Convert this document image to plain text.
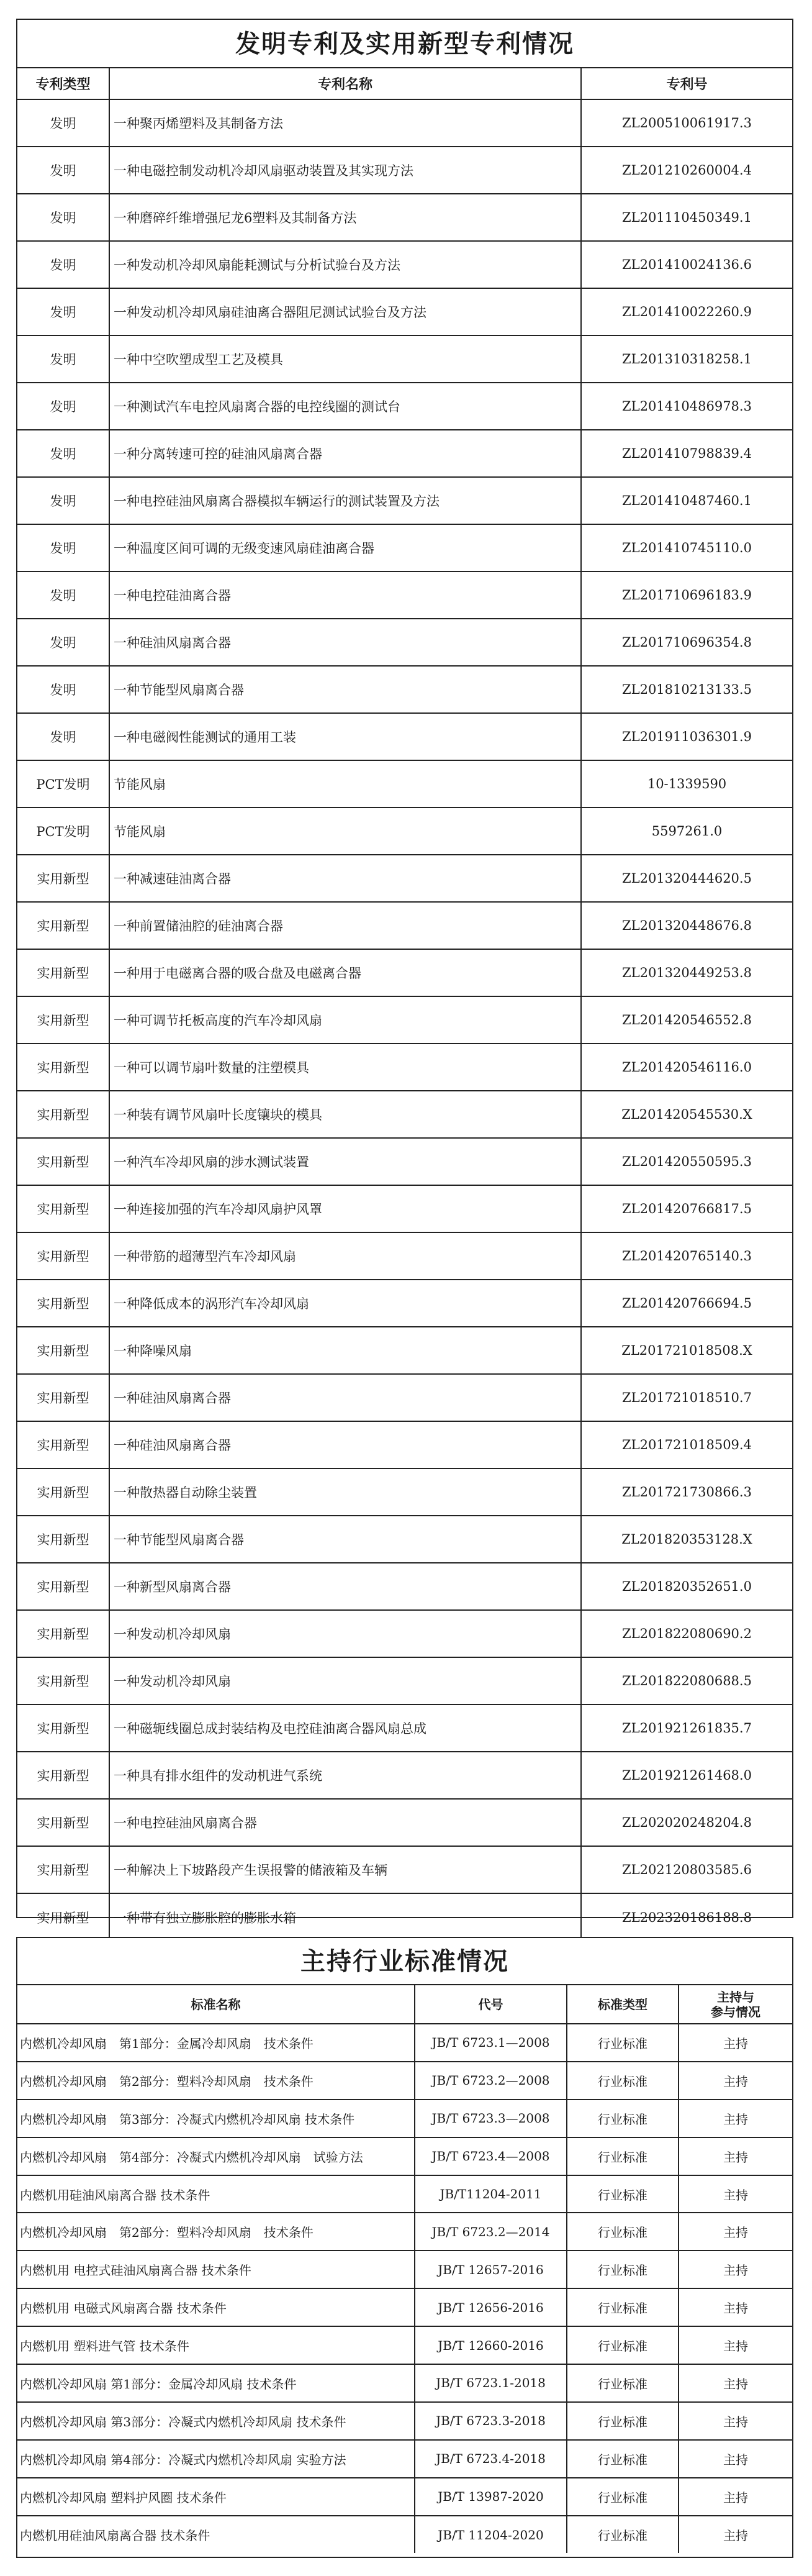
发明专利及实用新型专利情况
专利类型	专利名称	专利号
发明	一种聚丙烯塑料及其制备方法	ZL200510061917.3
发明	一种电磁控制发动机冷却风扇驱动装置及其实现方法	ZL201210260004.4
发明	一种磨碎纤维增强尼龙6塑料及其制备方法	ZL201110450349.1
发明	一种发动机冷却风扇能耗测试与分析试验台及方法	ZL201410024136.6
发明	一种发动机冷却风扇硅油离合器阻尼测试试验台及方法	ZL201410022260.9
发明	一种中空吹塑成型工艺及模具	ZL201310318258.1
发明	一种测试汽车电控风扇离合器的电控线圈的测试台	ZL201410486978.3
发明	一种分离转速可控的硅油风扇离合器	ZL201410798839.4
发明	一种电控硅油风扇离合器模拟车辆运行的测试装置及方法	ZL201410487460.1
发明	一种温度区间可调的无级变速风扇硅油离合器	ZL201410745110.0
发明	一种电控硅油离合器	ZL201710696183.9
发明	一种硅油风扇离合器	ZL201710696354.8
发明	一种节能型风扇离合器	ZL201810213133.5
发明	一种电磁阀性能测试的通用工装	ZL201911036301.9
PCT发明	节能风扇	10-1339590
PCT发明	节能风扇	5597261.0
实用新型	一种减速硅油离合器	ZL201320444620.5
实用新型	一种前置储油腔的硅油离合器	ZL201320448676.8
实用新型	一种用于电磁离合器的吸合盘及电磁离合器	ZL201320449253.8
实用新型	一种可调节托板高度的汽车冷却风扇	ZL201420546552.8
实用新型	一种可以调节扇叶数量的注塑模具	ZL201420546116.0
实用新型	一种装有调节风扇叶长度镶块的模具	ZL201420545530.X
实用新型	一种汽车冷却风扇的涉水测试装置	ZL201420550595.3
实用新型	一种连接加强的汽车冷却风扇护风罩	ZL201420766817.5
实用新型	一种带筋的超薄型汽车冷却风扇	ZL201420765140.3
实用新型	一种降低成本的涡形汽车冷却风扇	ZL201420766694.5
实用新型	一种降噪风扇	ZL201721018508.X
实用新型	一种硅油风扇离合器	ZL201721018510.7
实用新型	一种硅油风扇离合器	ZL201721018509.4
实用新型	一种散热器自动除尘装置	ZL201721730866.3
实用新型	一种节能型风扇离合器	ZL201820353128.X
实用新型	一种新型风扇离合器	ZL201820352651.0
实用新型	一种发动机冷却风扇	ZL201822080690.2
实用新型	一种发动机冷却风扇	ZL201822080688.5
实用新型	一种磁轭线圈总成封装结构及电控硅油离合器风扇总成	ZL201921261835.7
实用新型	一种具有排水组件的发动机进气系统	ZL201921261468.0
实用新型	一种电控硅油风扇离合器	ZL202020248204.8
实用新型	一种解决上下坡路段产生误报警的储液箱及车辆	ZL202120803585.6
实用新型	一种带有独立膨胀腔的膨胀水箱	ZL202320186188.8
主持行业标准情况
标准名称	代号	标准类型	主持与
参与情况

内燃机冷却风扇　第1部分：金属冷却风扇　技术条件	JB/T 6723.1—2008	行业标准	主持
内燃机冷却风扇　第2部分：塑料冷却风扇　技术条件	JB/T 6723.2—2008	行业标准	主持
内燃机冷却风扇　第3部分：冷凝式内燃机冷却风扇 技术条件	JB/T 6723.3—2008	行业标准	主持
内燃机冷却风扇　第4部分：冷凝式内燃机冷却风扇　试验方法	JB/T 6723.4—2008	行业标准	主持
内燃机用硅油风扇离合器 技术条件	JB/T11204-2011	行业标准	主持
内燃机冷却风扇　第2部分：塑料冷却风扇　技术条件	JB/T 6723.2—2014	行业标准	主持
内燃机用 电控式硅油风扇离合器 技术条件	JB/T 12657-2016	行业标准	主持
内燃机用 电磁式风扇离合器 技术条件	JB/T 12656-2016	行业标准	主持
内燃机用 塑料进气管 技术条件	JB/T 12660-2016	行业标准	主持
内燃机冷却风扇 第1部分：金属冷却风扇 技术条件	JB/T 6723.1-2018	行业标准	主持
内燃机冷却风扇 第3部分：冷凝式内燃机冷却风扇 技术条件	JB/T 6723.3-2018	行业标准	主持
内燃机冷却风扇 第4部分：冷凝式内燃机冷却风扇 实验方法	JB/T 6723.4-2018	行业标准	主持
内燃机冷却风扇 塑料护风圈 技术条件	JB/T 13987-2020	行业标准	主持
内燃机用硅油风扇离合器 技术条件	JB/T 11204-2020	行业标准	主持
